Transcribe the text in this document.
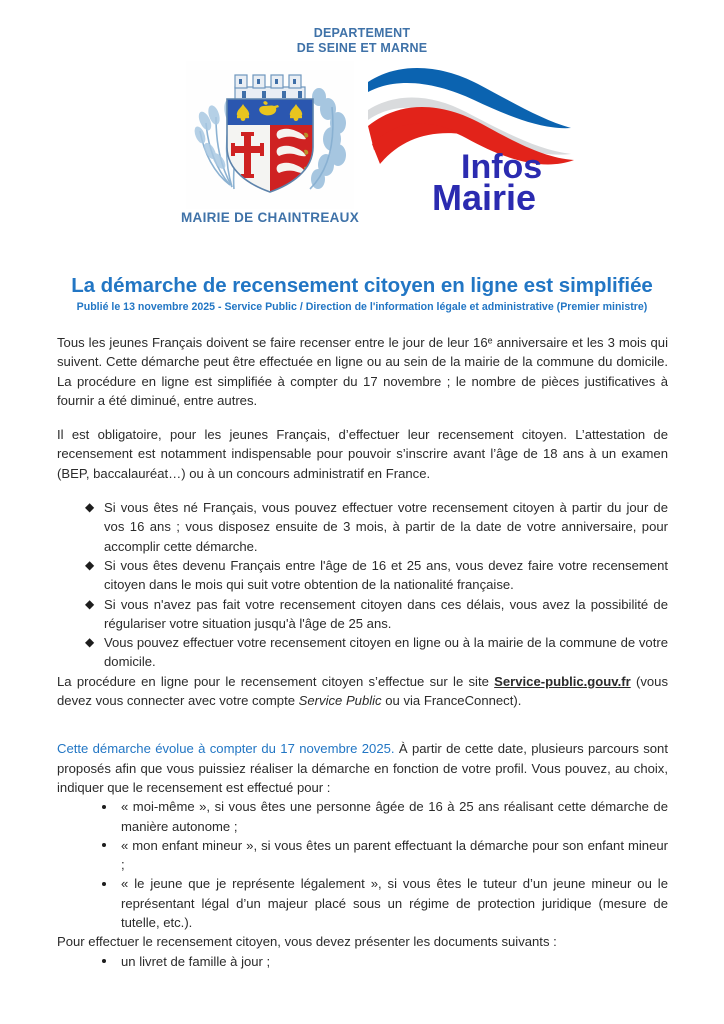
DEPARTEMENT
DE SEINE ET MARNE
MAIRIE DE CHAINTREAUX
Infos
Mairie
La démarche de recensement citoyen en ligne est simplifiée
Publié le 13 novembre 2025 - Service Public / Direction de l'information légale et administrative (Premier ministre)

Tous les jeunes Français doivent se faire recenser entre le jour de leur 16e anniversaire et les 3 mois qui suivent. Cette démarche peut être effectuée en ligne ou au sein de la mairie de la commune du domicile. La procédure en ligne est simplifiée à compter du 17 novembre ; le nombre de pièces justificatives à fournir a été diminué, entre autres.

Il est obligatoire, pour les jeunes Français, d’effectuer leur recensement citoyen. L’attestation de recensement est notamment indispensable pour pouvoir s’inscrire avant l’âge de 18 ans à un examen (BEP, baccalauréat…) ou à un concours administratif en France.

◆ Si vous êtes né Français, vous pouvez effectuer votre recensement citoyen à partir du jour de vos 16 ans ; vous disposez ensuite de 3 mois, à partir de la date de votre anniversaire, pour accomplir cette démarche.
◆ Si vous êtes devenu Français entre l'âge de 16 et 25 ans, vous devez faire votre recensement citoyen dans le mois qui suit votre obtention de la nationalité française.
◆ Si vous n'avez pas fait votre recensement citoyen dans ces délais, vous avez la possibilité de régulariser votre situation jusqu'à l'âge de 25 ans.
◆ Vous pouvez effectuer votre recensement citoyen en ligne ou à la mairie de la commune de votre domicile.

La procédure en ligne pour le recensement citoyen s’effectue sur le site Service-public.gouv.fr (vous devez vous connecter avec votre compte Service Public ou via FranceConnect).

Cette démarche évolue à compter du 17 novembre 2025. À partir de cette date, plusieurs parcours sont proposés afin que vous puissiez réaliser la démarche en fonction de votre profil. Vous pouvez, au choix, indiquer que le recensement est effectué pour :

« moi-même », si vous êtes une personne âgée de 16 à 25 ans réalisant cette démarche de manière autonome ;
« mon enfant mineur », si vous êtes un parent effectuant la démarche pour son enfant mineur ;
« le jeune que je représente légalement », si vous êtes le tuteur d’un jeune mineur ou le représentant légal d’un majeur placé sous un régime de protection juridique (mesure de tutelle, etc.).

Pour effectuer le recensement citoyen, vous devez présenter les documents suivants :

un livret de famille à jour ;
